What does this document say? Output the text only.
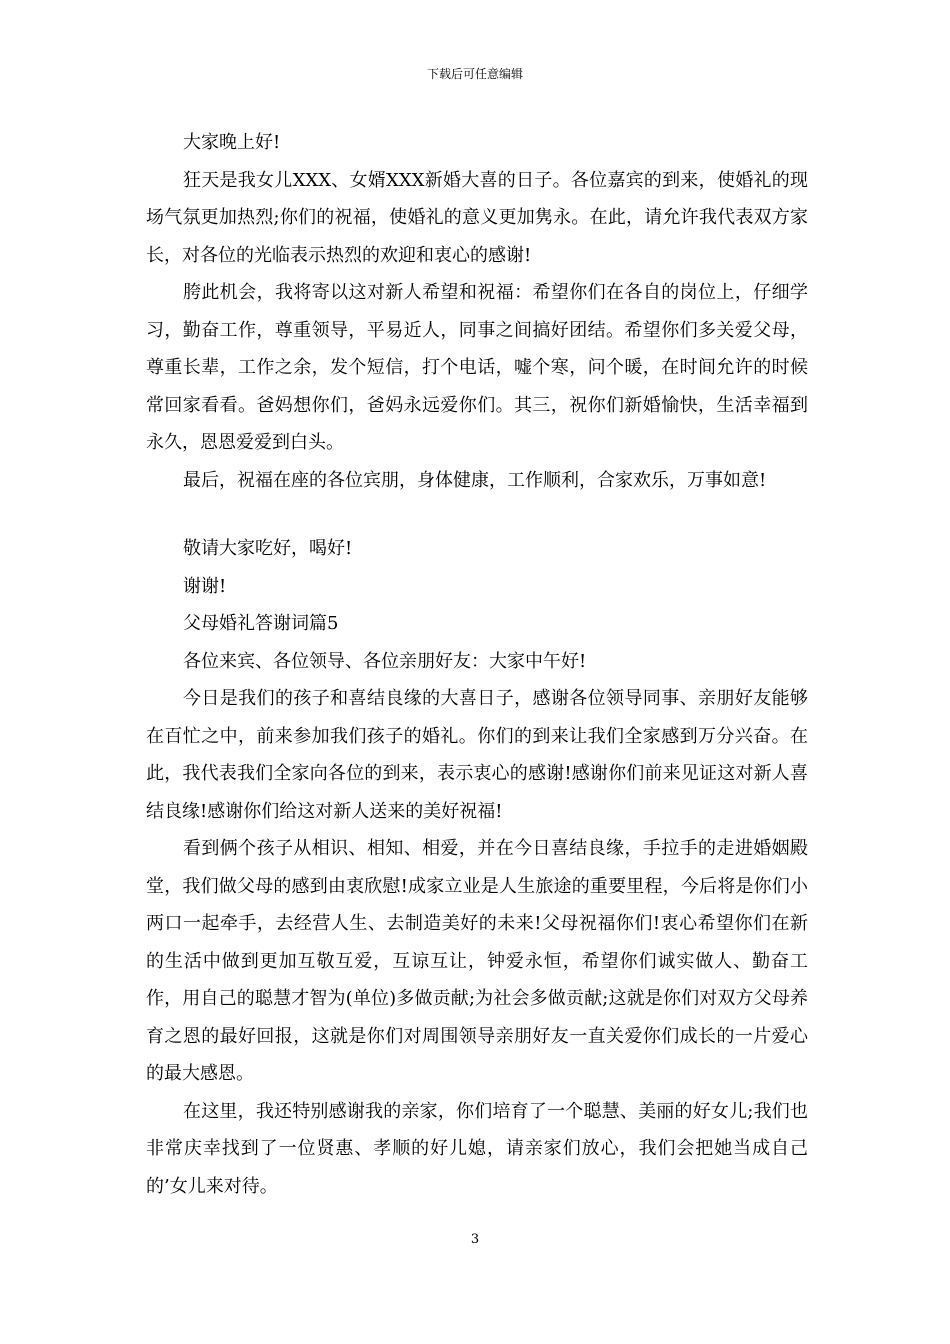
下载后可任意编辑

大家晚上好!

狂天是我女儿XXX、女婿XXX新婚大喜的日子。各位嘉宾的到来，使婚礼的现场气氛更加热烈;你们的祝福，使婚礼的意义更加隽永。在此，请允许我代表双方家长，对各位的光临表示热烈的欢迎和衷心的感谢!

胯此机会，我将寄以这对新人希望和祝福：希望你们在各自的岗位上，仔细学习，勤奋工作，尊重领导，平易近人，同事之间搞好团结。希望你们多关爱父母，尊重长辈，工作之余，发个短信，打个电话，嘘个寒，问个暖，在时间允许的时候常回家看看。爸妈想你们，爸妈永远爱你们。其三，祝你们新婚愉快，生活幸福到永久，恩恩爱爱到白头。

最后，祝福在座的各位宾朋，身体健康，工作顺利，合家欢乐，万事如意!

敬请大家吃好，喝好!

谢谢!

父母婚礼答谢词篇5

各位来宾、各位领导、各位亲朋好友：大家中午好!

今日是我们的孩子和喜结良缘的大喜日子，感谢各位领导同事、亲朋好友能够在百忙之中，前来参加我们孩子的婚礼。你们的到来让我们全家感到万分兴奋。在此，我代表我们全家向各位的到来，表示衷心的感谢!感谢你们前来见证这对新人喜结良缘!感谢你们给这对新人送来的美好祝福!

看到俩个孩子从相识、相知、相爱，并在今日喜结良缘，手拉手的走进婚姻殿堂，我们做父母的感到由衷欣慰!成家立业是人生旅途的重要里程，今后将是你们小两口一起牵手，去经营人生、去制造美好的未来!父母祝福你们!衷心希望你们在新的生活中做到更加互敬互爱，互谅互让，钟爱永恒，希望你们诚实做人、勤奋工作，用自己的聪慧才智为(单位)多做贡献;为社会多做贡献;这就是你们对双方父母养育之恩的最好回报，这就是你们对周围领导亲朋好友一直关爱你们成长的一片爱心的最大感恩。

在这里，我还特别感谢我的亲家，你们培育了一个聪慧、美丽的好女儿;我们也非常庆幸找到了一位贤惠、孝顺的好儿媳，请亲家们放心，我们会把她当成自己的’女儿来对待。

3
